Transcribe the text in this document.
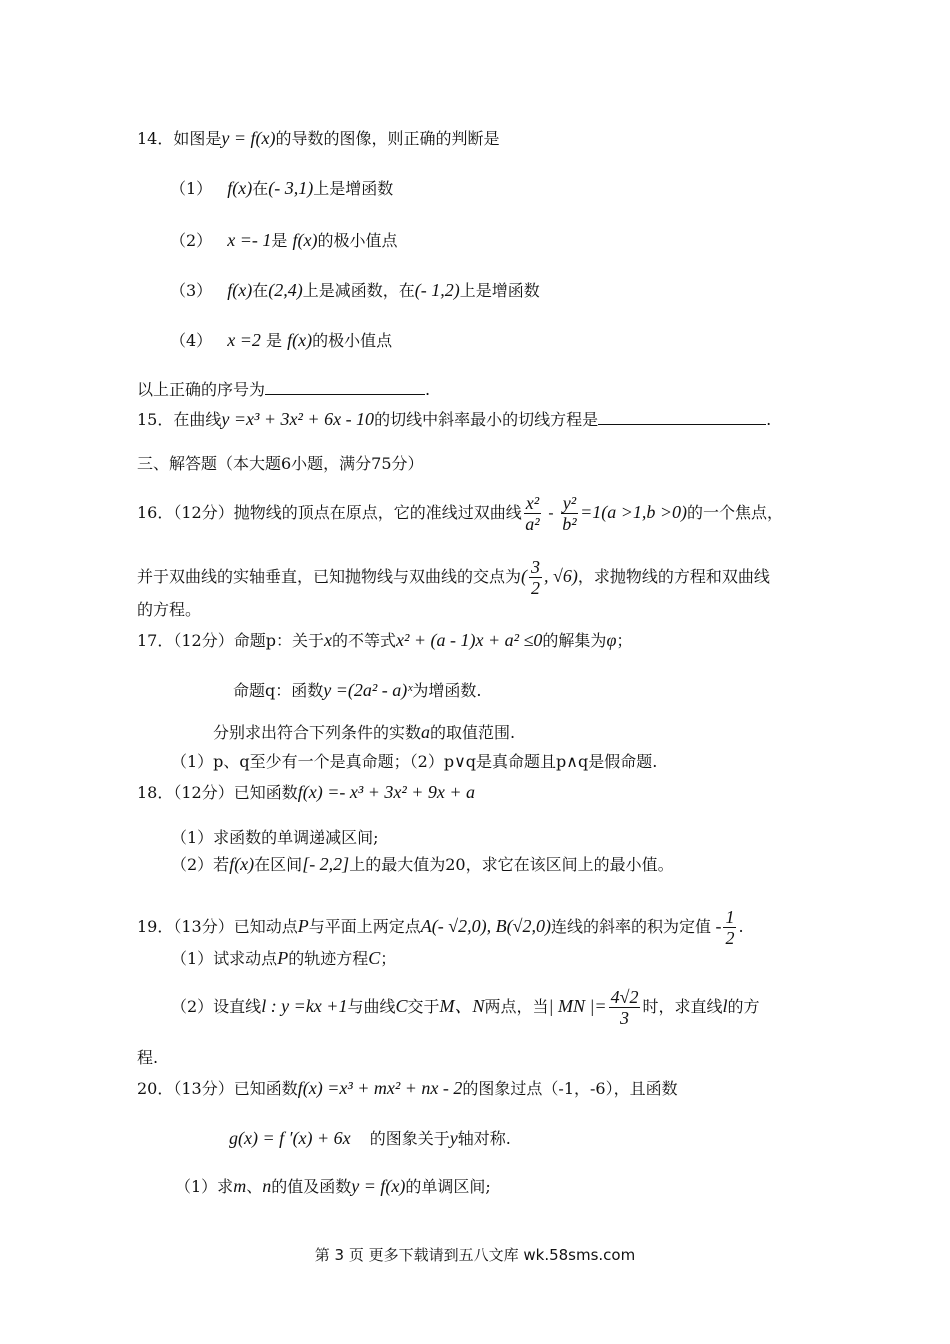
14．如图是y = f(x)的导数的图像，则正确的判断是
（1） f(x)在(- 3,1)上是增函数
（2） x =- 1是 f(x)的极小值点
（3） f(x)在(2,4)上是减函数，在(- 1,2)上是增函数
（4） x =2 是 f(x)的极小值点
以上正确的序号为	.
15．在曲线y =x³ + 3x² + 6x - 10的切线中斜率最小的切线方程是	.
三、解答题（本大题6小题，满分75分）
16．（12分）抛物线的顶点在原点，它的准线过双曲线 $\frac{\text{x²}}{\text{a²}} - \frac{\text{y²}}{\text{b²}} =1(a >1,b >0)$的一个焦点，
并于双曲线的实轴垂直，已知抛物线与双曲线的交点为( $\frac{3}{2}$ , √6)，求抛物线的方程和双曲线
的方程。
17．（12分）命题p：关于x的不等式x² + (a - 1)x + a² ≤0的解集为φ；
命题q：函数y =(2a² - a)ˣ为增函数.
分别求出符合下列条件的实数a的取值范围.
（1）p、q至少有一个是真命题；（2）p∨q是真命题且p∧q是假命题.
18．（12分）已知函数f(x) =- x³ + 3x² + 9x + a
（1）求函数的单调递减区间;
（2）若f(x)在区间[- 2,2]上的最大值为20，求它在该区间上的最小值。
19．（13分）已知动点P与平面上两定点A(- √2,0), B(√2,0)连线的斜率的积为定值 - $\frac{1}{2}$ .
（1）试求动点P的轨迹方程C；
（2）设直线l : y =kx +1与曲线C交于M、N两点，当| MN |= $\frac{4√2}{3}$ 时，求直线l的方
程.
20．（13分）已知函数f(x) =x³ + mx² + nx - 2的图象过点（-1，-6），且函数
g(x) = f ′(x) + 6x 的图象关于y轴对称.
（1）求m、n的值及函数y = f(x)的单调区间;
第 3 页 更多下载请到五八文库 wk.58sms.com
